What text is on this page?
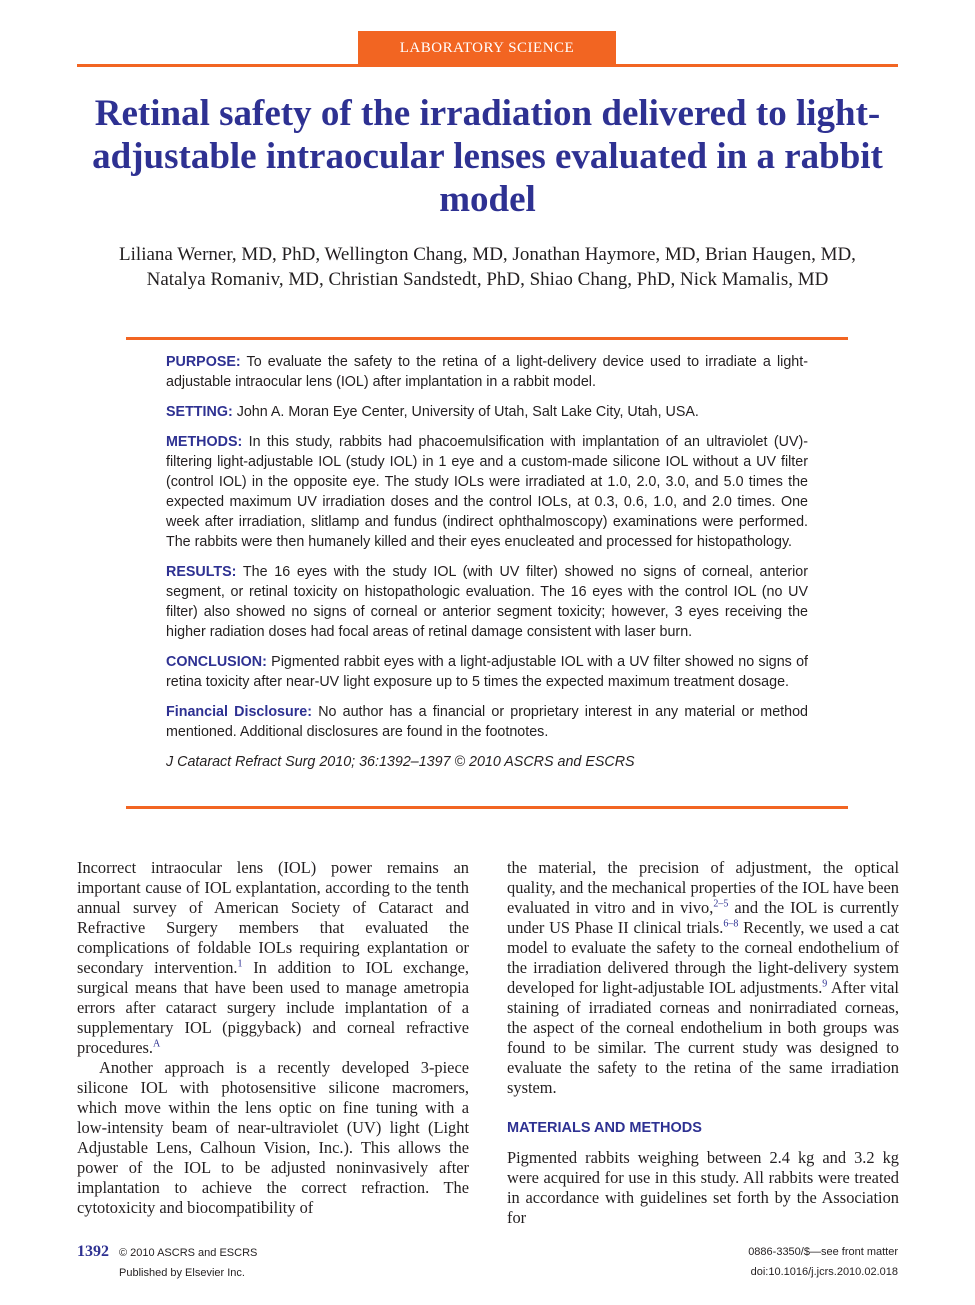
LABORATORY SCIENCE
Retinal safety of the irradiation delivered to light-adjustable intraocular lenses evaluated in a rabbit model
Liliana Werner, MD, PhD, Wellington Chang, MD, Jonathan Haymore, MD, Brian Haugen, MD,
Natalya Romaniv, MD, Christian Sandstedt, PhD, Shiao Chang, PhD, Nick Mamalis, MD

PURPOSE: To evaluate the safety to the retina of a light-delivery device used to irradiate a light-adjustable intraocular lens (IOL) after implantation in a rabbit model.

SETTING: John A. Moran Eye Center, University of Utah, Salt Lake City, Utah, USA.

METHODS: In this study, rabbits had phacoemulsification with implantation of an ultraviolet (UV)-filtering light-adjustable IOL (study IOL) in 1 eye and a custom-made silicone IOL without a UV filter (control IOL) in the opposite eye. The study IOLs were irradiated at 1.0, 2.0, 3.0, and 5.0 times the expected maximum UV irradiation doses and the control IOLs, at 0.3, 0.6, 1.0, and 2.0 times. One week after irradiation, slitlamp and fundus (indirect ophthalmoscopy) examinations were performed. The rabbits were then humanely killed and their eyes enucleated and processed for histopathology.

RESULTS: The 16 eyes with the study IOL (with UV filter) showed no signs of corneal, anterior segment, or retinal toxicity on histopathologic evaluation. The 16 eyes with the control IOL (no UV filter) also showed no signs of corneal or anterior segment toxicity; however, 3 eyes receiving the higher radiation doses had focal areas of retinal damage consistent with laser burn.

CONCLUSION: Pigmented rabbit eyes with a light-adjustable IOL with a UV filter showed no signs of retina toxicity after near-UV light exposure up to 5 times the expected maximum treatment dosage.

Financial Disclosure: No author has a financial or proprietary interest in any material or method mentioned. Additional disclosures are found in the footnotes.

J Cataract Refract Surg 2010; 36:1392–1397 © 2010 ASCRS and ESCRS

Incorrect intraocular lens (IOL) power remains an important cause of IOL explantation, according to the tenth annual survey of American Society of Cataract and Refractive Surgery members that evaluated the complications of foldable IOLs requiring explantation or secondary intervention.$^1$ In addition to IOL exchange, surgical means that have been used to manage ametropia errors after cataract surgery include implantation of a supplementary IOL (piggyback) and corneal refractive procedures.$^A$

Another approach is a recently developed 3-piece silicone IOL with photosensitive silicone macromers, which move within the lens optic on fine tuning with a low-intensity beam of near-ultraviolet (UV) light (Light Adjustable Lens, Calhoun Vision, Inc.). This allows the power of the IOL to be adjusted noninvasively after implantation to achieve the correct refraction. The cytotoxicity and biocompatibility of

the material, the precision of adjustment, the optical quality, and the mechanical properties of the IOL have been evaluated in vitro and in vivo,$^{2-5}$ and the IOL is currently under US Phase II clinical trials.$^{6-8}$ Recently, we used a cat model to evaluate the safety to the corneal endothelium of the irradiation delivered through the light-delivery system developed for light-adjustable IOL adjustments.$^9$ After vital staining of irradiated corneas and nonirradiated corneas, the aspect of the corneal endothelium in both groups was found to be similar. The current study was designed to evaluate the safety to the retina of the same irradiation system.

MATERIALS AND METHODS

Pigmented rabbits weighing between 2.4 kg and 3.2 kg were acquired for use in this study. All rabbits were treated in accordance with guidelines set forth by the Association for

1392 © 2010 ASCRS and ESCRS
Published by Elsevier Inc.
0886-3350/$—see front matter
doi:10.1016/j.jcrs.2010.02.018
